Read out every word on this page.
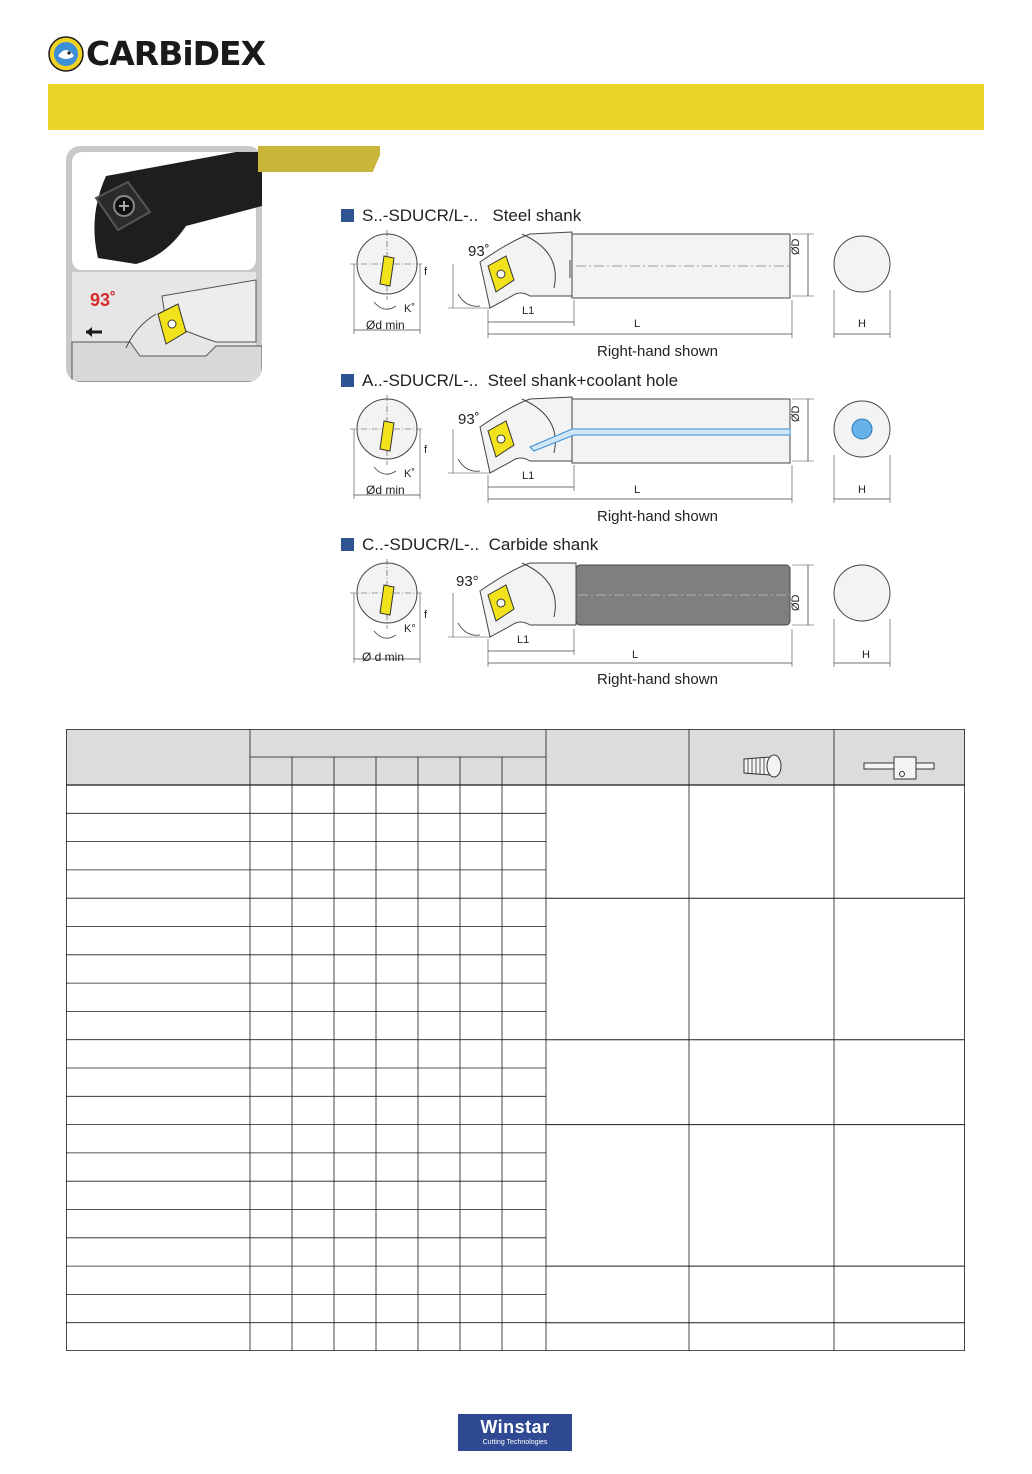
CARBiDEX
93˚
S..-SDUCR/L-.. Steel shank
93˚
f
K˚
Ød min
L1
L
ØD
H
Right-hand shown
A..-SDUCR/L-.. Steel shank+coolant hole
93˚
f
K˚
Ød min
L1
L
ØD
H
Right-hand shown
C..-SDUCR/L-.. Carbide shank
93°
f
K°
Ø d min
L1
L
ØD
H
Right-hand shown
Winstar
Cutting Technologies
